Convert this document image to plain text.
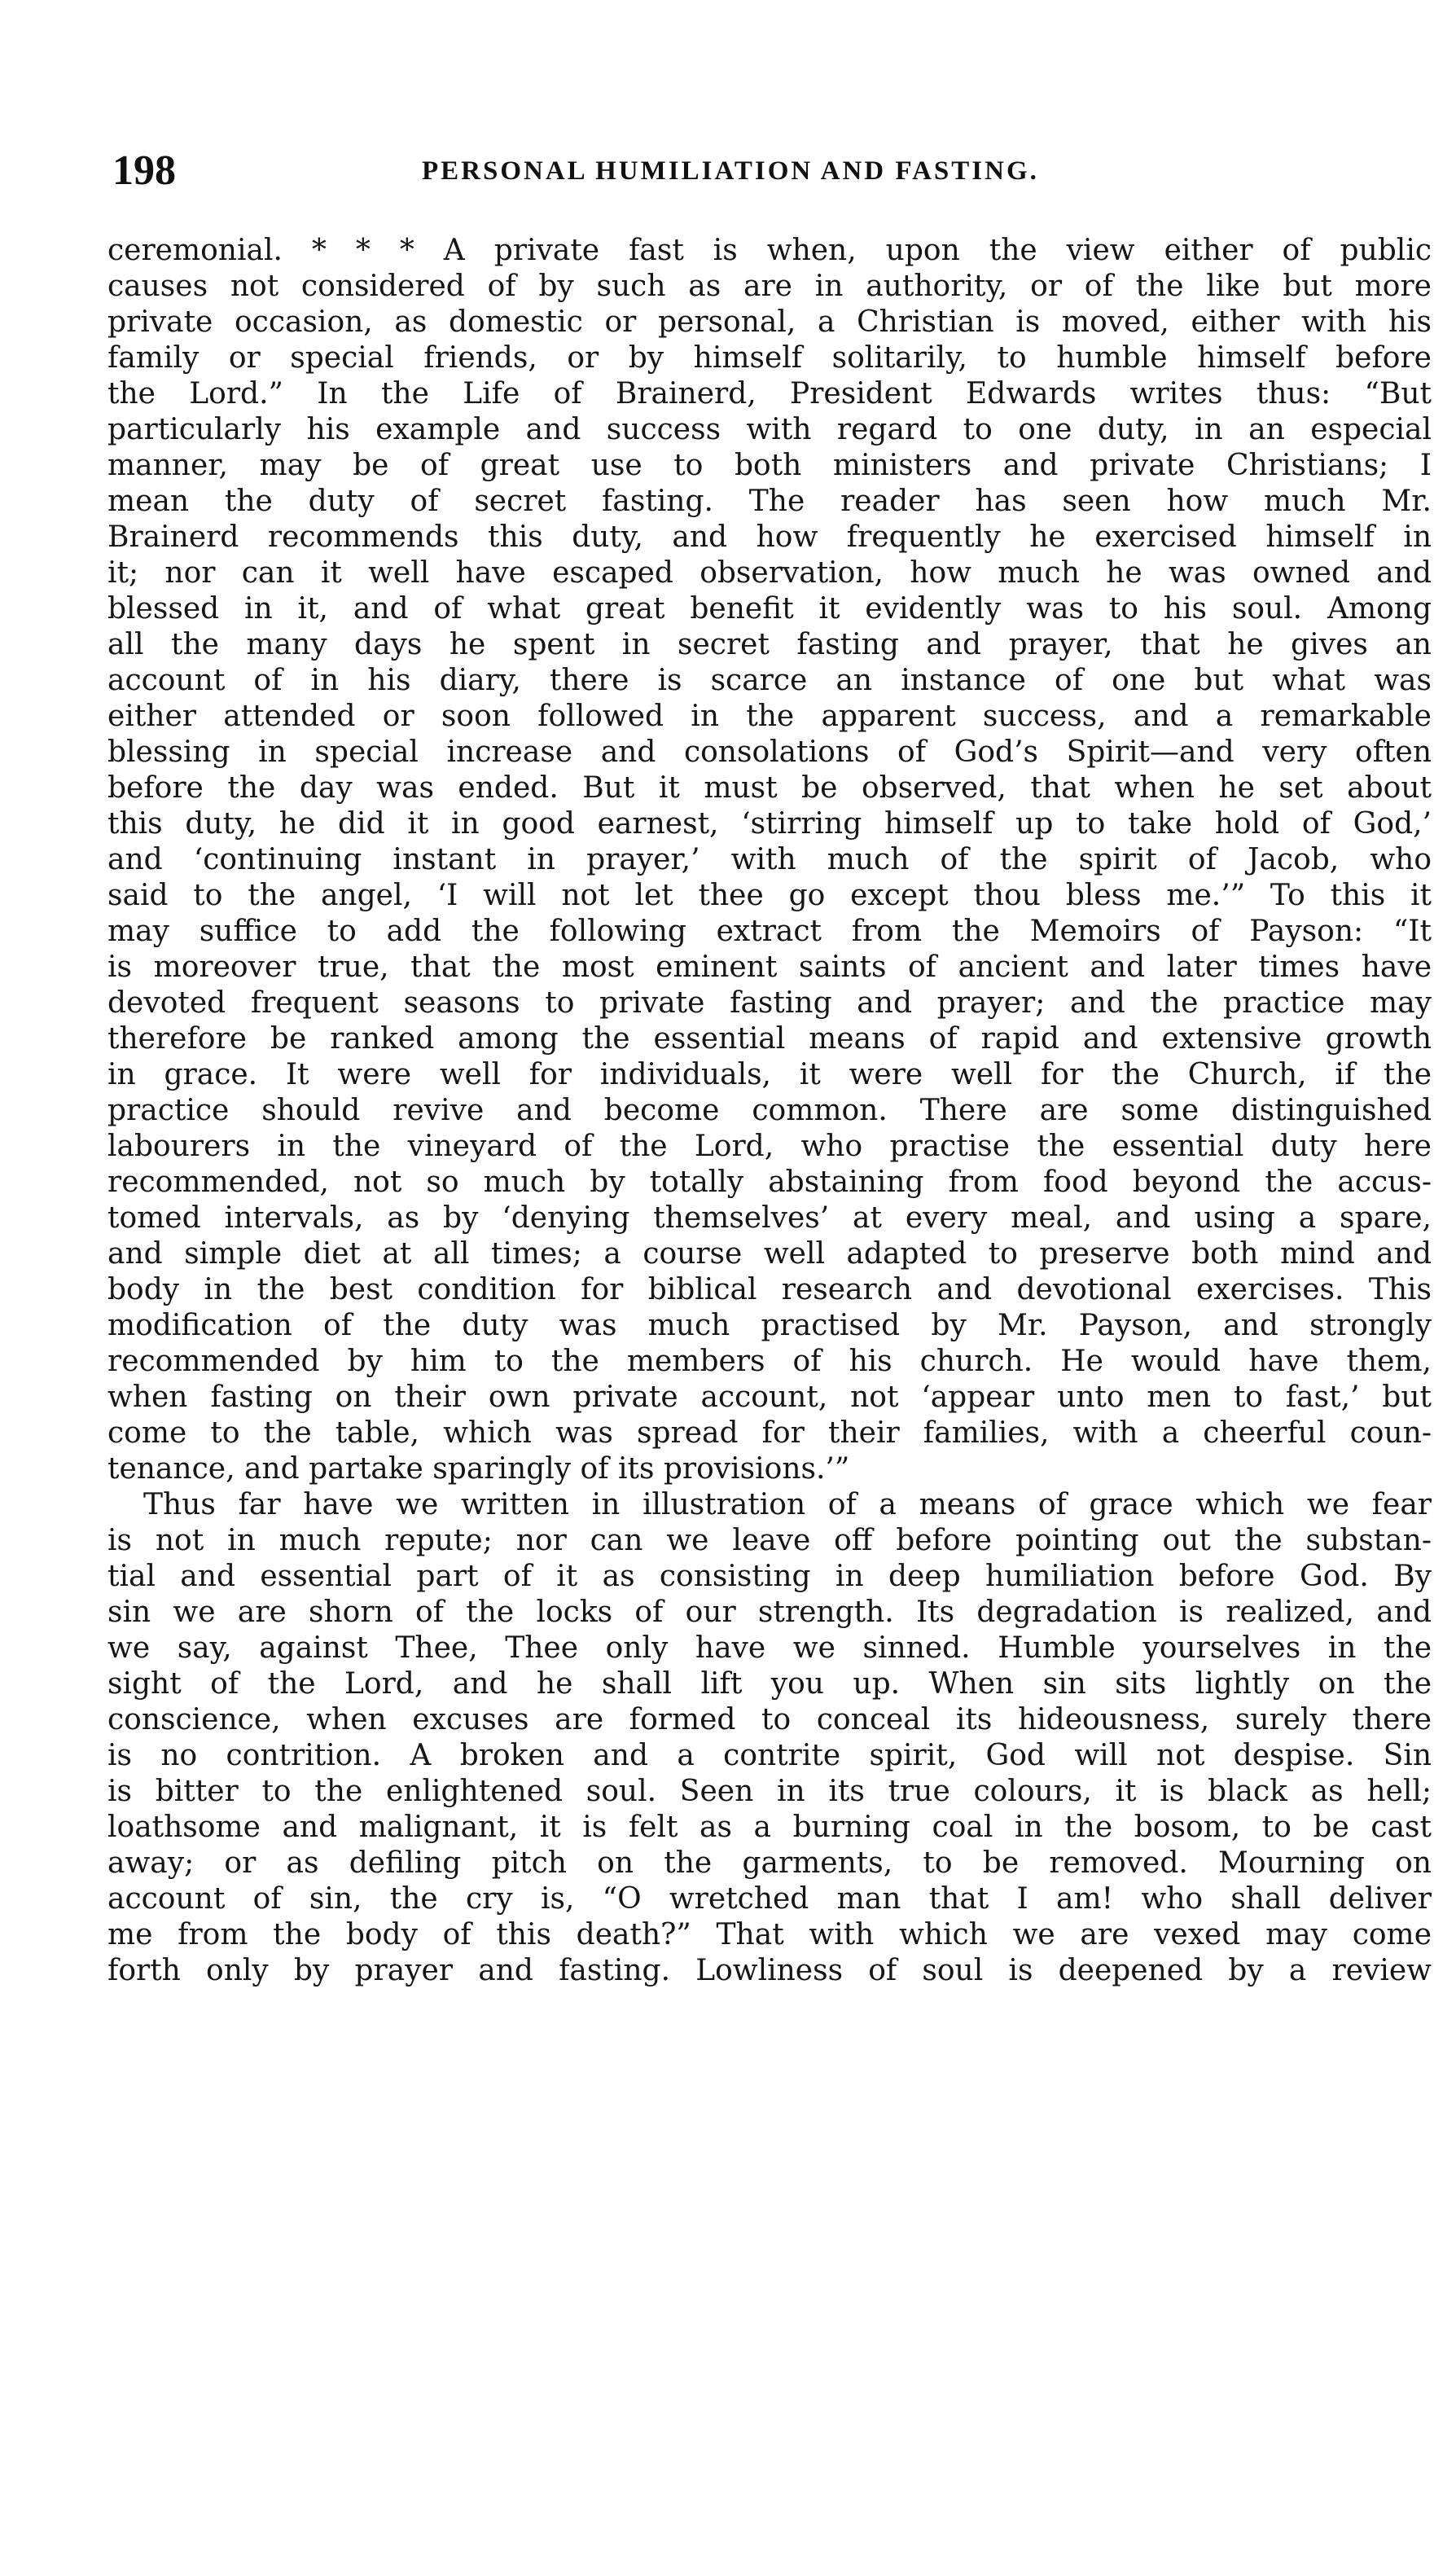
198	PERSONAL HUMILIATION AND FASTING.
ceremonial. * * * A private fast is when, upon the view either of public
causes not considered of by such as are in authority, or of the like but more
private occasion, as domestic or personal, a Christian is moved, either with his
family or special friends, or by himself solitarily, to humble himself before
the Lord.” In the Life of Brainerd, President Edwards writes thus: “But
particularly his example and success with regard to one duty, in an especial
manner, may be of great use to both ministers and private Christians; I
mean the duty of secret fasting. The reader has seen how much Mr.
Brainerd recommends this duty, and how frequently he exercised himself in
it; nor can it well have escaped observation, how much he was owned and
blessed in it, and of what great benefit it evidently was to his soul. Among
all the many days he spent in secret fasting and prayer, that he gives an
account of in his diary, there is scarce an instance of one but what was
either attended or soon followed in the apparent success, and a remarkable
blessing in special increase and consolations of God’s Spirit—and very often
before the day was ended. But it must be observed, that when he set about
this duty, he did it in good earnest, ‘stirring himself up to take hold of God,’
and ‘continuing instant in prayer,’ with much of the spirit of Jacob, who
said to the angel, ‘I will not let thee go except thou bless me.’” To this it
may suffice to add the following extract from the Memoirs of Payson: “It
is moreover true, that the most eminent saints of ancient and later times have
devoted frequent seasons to private fasting and prayer; and the practice may
therefore be ranked among the essential means of rapid and extensive growth
in grace. It were well for individuals, it were well for the Church, if the
practice should revive and become common. There are some distinguished
labourers in the vineyard of the Lord, who practise the essential duty here
recommended, not so much by totally abstaining from food beyond the accus-
tomed intervals, as by ‘denying themselves’ at every meal, and using a spare,
and simple diet at all times; a course well adapted to preserve both mind and
body in the best condition for biblical research and devotional exercises. This
modification of the duty was much practised by Mr. Payson, and strongly
recommended by him to the members of his church. He would have them,
when fasting on their own private account, not ‘appear unto men to fast,’ but
come to the table, which was spread for their families, with a cheerful coun-
tenance, and partake sparingly of its provisions.’”
Thus far have we written in illustration of a means of grace which we fear
is not in much repute; nor can we leave off before pointing out the substan-
tial and essential part of it as consisting in deep humiliation before God. By
sin we are shorn of the locks of our strength. Its degradation is realized, and
we say, against Thee, Thee only have we sinned. Humble yourselves in the
sight of the Lord, and he shall lift you up. When sin sits lightly on the
conscience, when excuses are formed to conceal its hideousness, surely there
is no contrition. A broken and a contrite spirit, God will not despise. Sin
is bitter to the enlightened soul. Seen in its true colours, it is black as hell;
loathsome and malignant, it is felt as a burning coal in the bosom, to be cast
away; or as defiling pitch on the garments, to be removed. Mourning on
account of sin, the cry is, “O wretched man that I am! who shall deliver
me from the body of this death?” That with which we are vexed may come
forth only by prayer and fasting. Lowliness of soul is deepened by a review
